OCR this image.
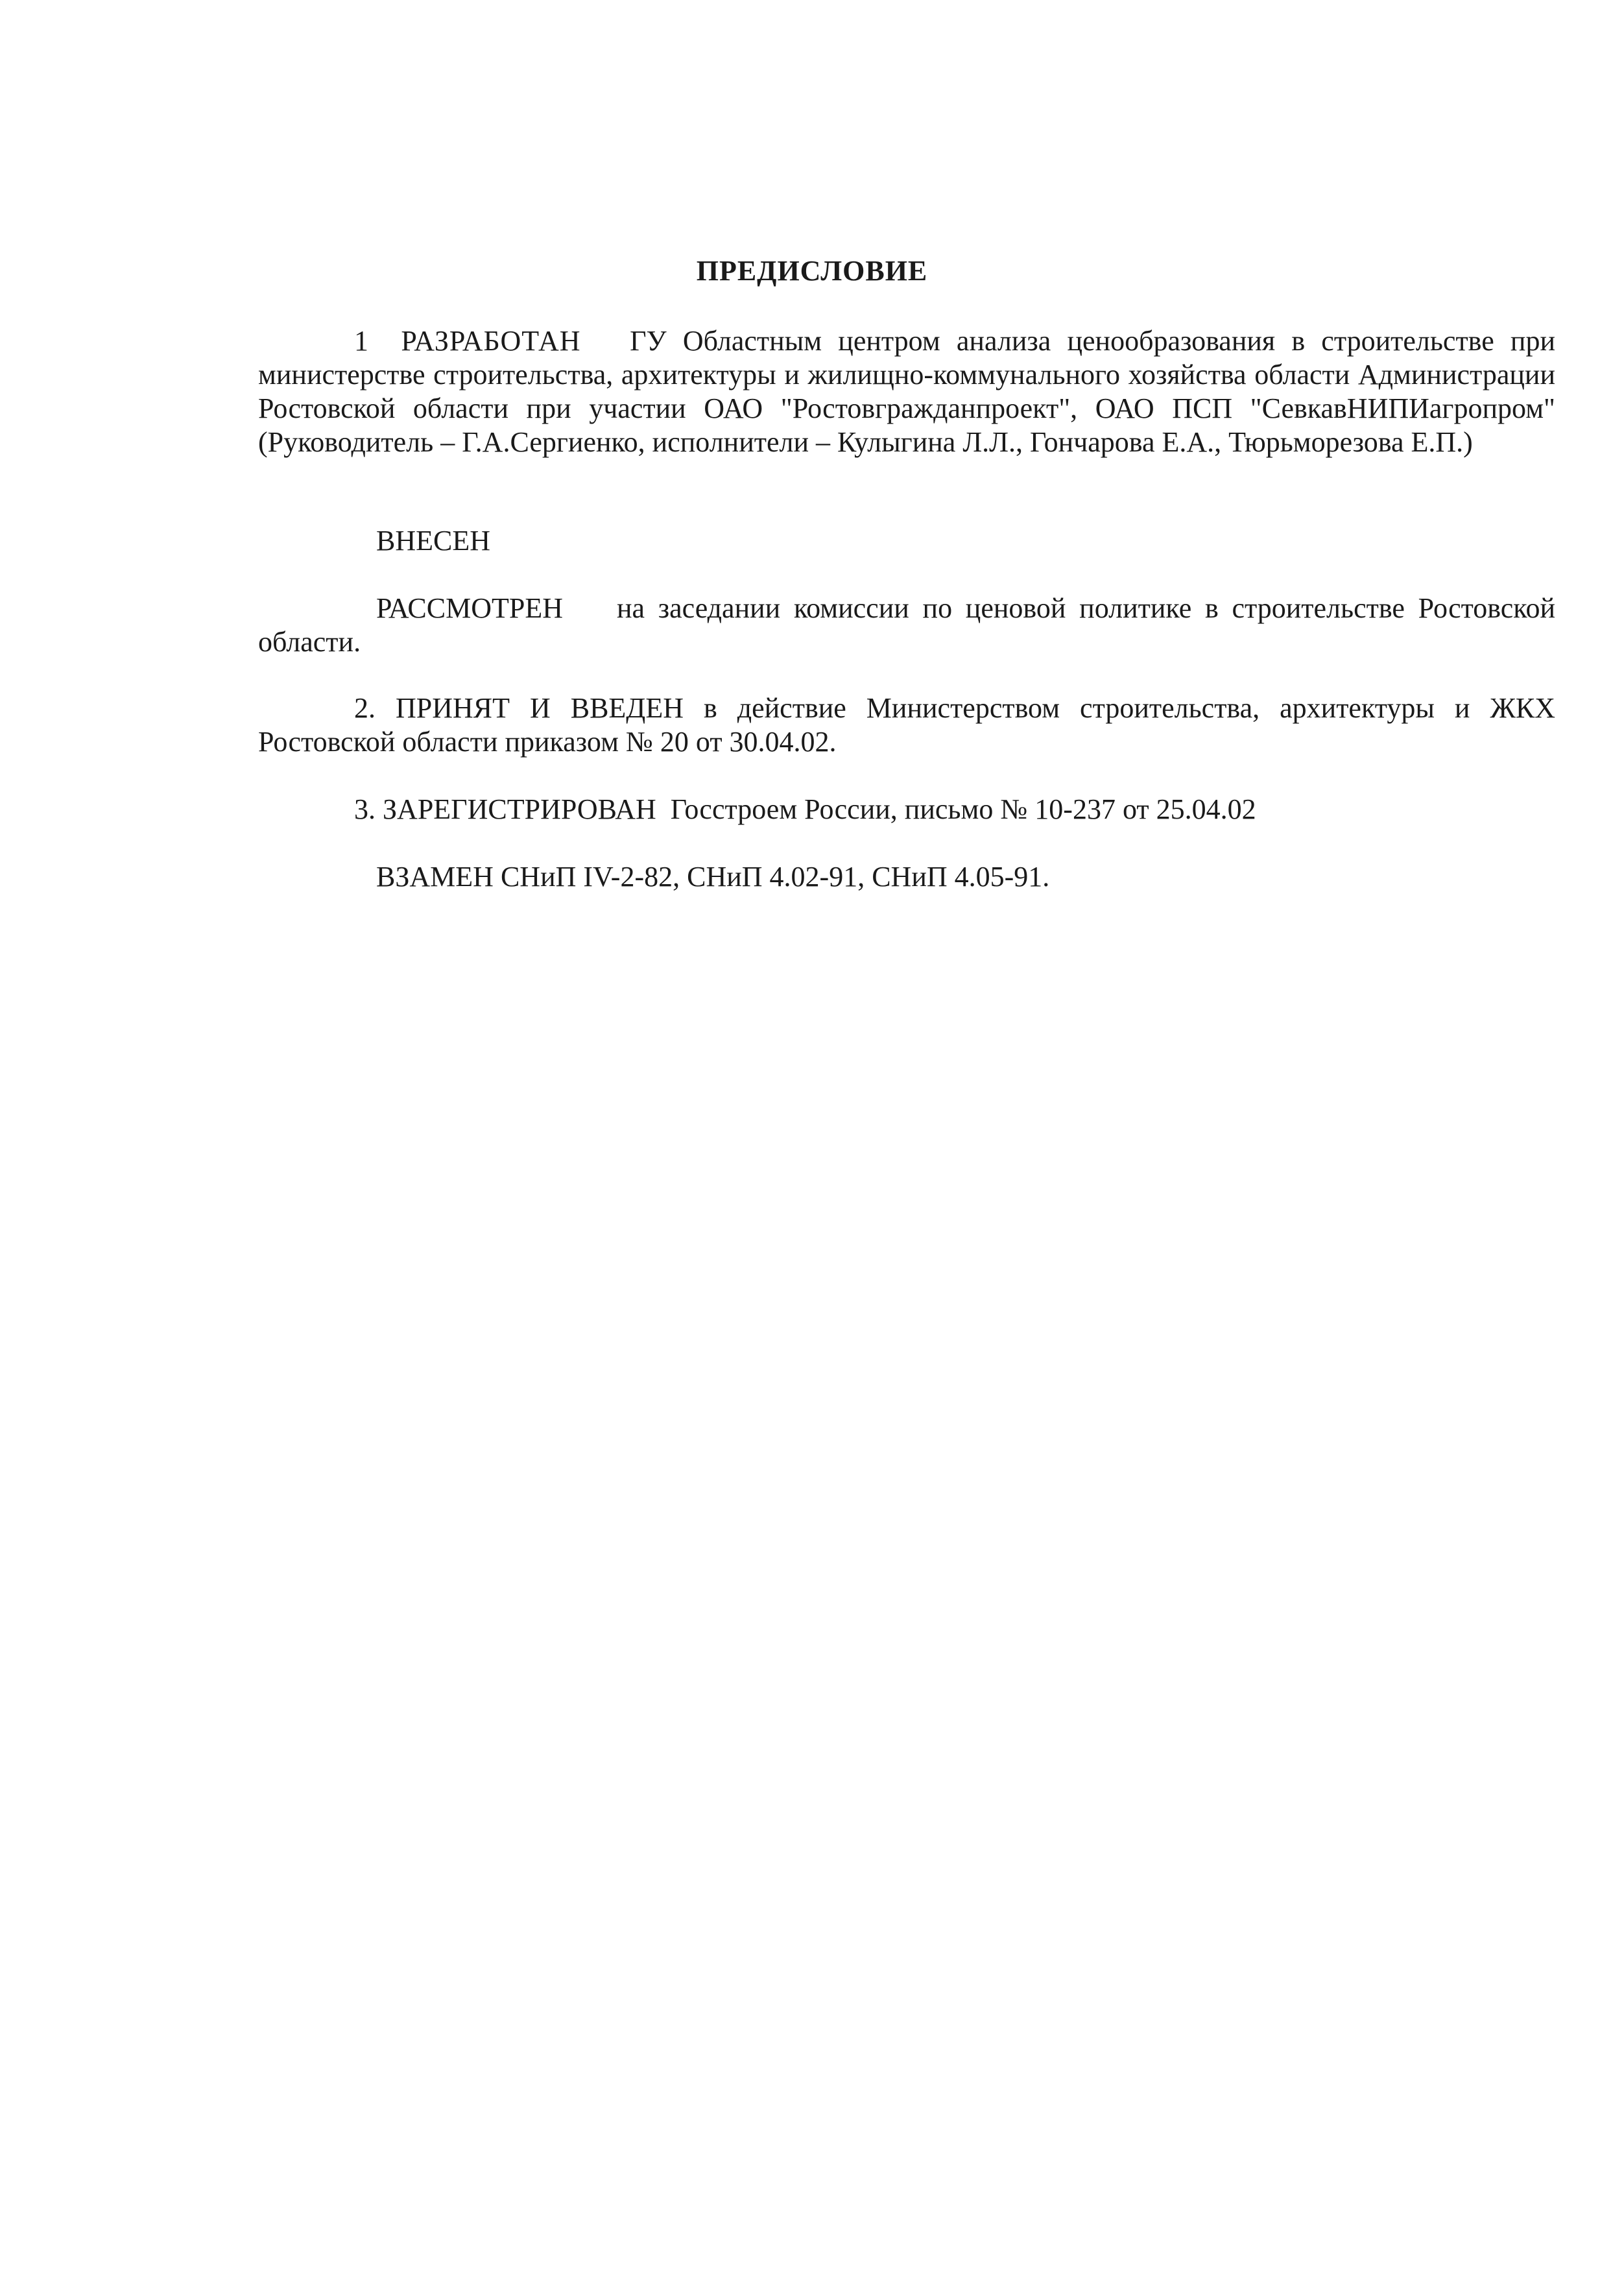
ПРЕДИСЛОВИЕ
1 РАЗРАБОТАН ГУ Областным центром анализа ценообразования в строительстве при министерстве строительства, архитектуры и жилищно-коммунального хозяйства области Администрации Ростовской области при участии ОАО "Ростовгражданпроект", ОАО ПСП "СевкавНИПИагропром" (Руководитель – Г.А.Сергиенко, исполнители – Кулыгина Л.Л., Гончарова Е.А., Тюрьморезова Е.П.)
ВНЕСЕН
РАССМОТРЕН на заседании комиссии по ценовой политике в строительстве Ростовской области.
2. ПРИНЯТ И ВВЕДЕН в действие Министерством строительства, архитектуры и ЖКХ Ростовской области приказом № 20 от 30.04.02.
3. ЗАРЕГИСТРИРОВАН Госстроем России, письмо № 10-237 от 25.04.02
ВЗАМЕН СНиП IV-2-82, СНиП 4.02-91, СНиП 4.05-91.
